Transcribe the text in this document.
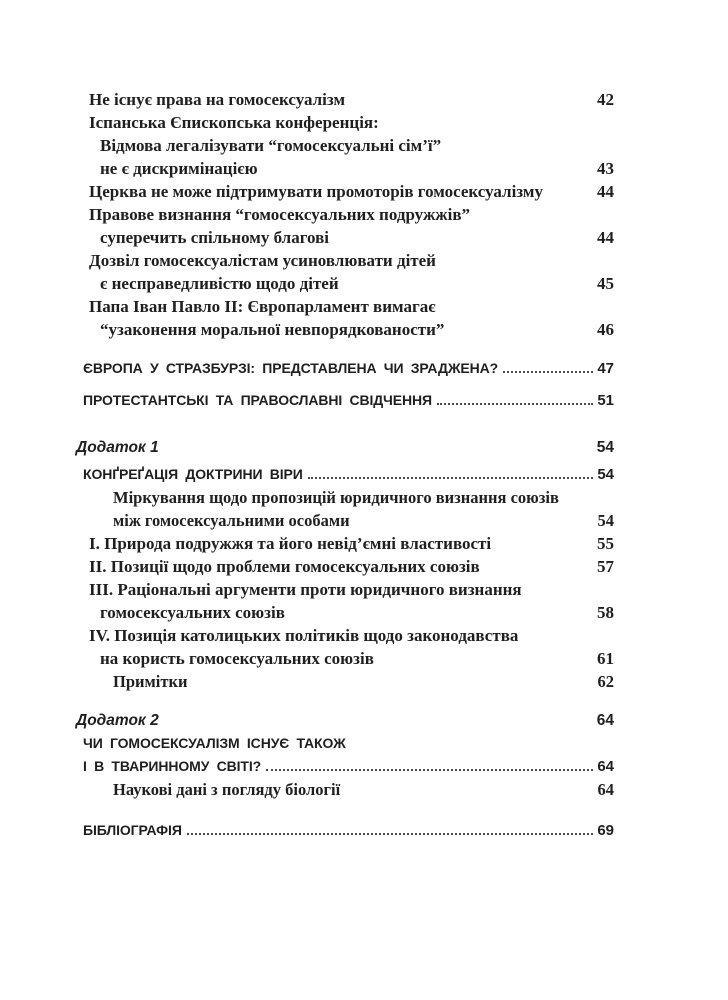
Не існує права на гомосексуалізм	42
Іспанська Єпископська конференція:
Відмова легалізувати “гомосексуальні сім’ї”
не є дискримінацією	43
Церква не може підтримувати промоторів гомосексуалізму	44
Правове визнання “гомосексуальних подружжів”
суперечить спільному благові	44
Дозвіл гомосексуалістам усиновлювати дітей
є несправедливістю щодо дітей	45
Папа Іван Павло II: Європарламент вимагає
“узаконення моральної невпорядкованости”	46
ЄВРОПА У СТРАЗБУРЗІ: ПРЕДСТАВЛЕНА ЧИ ЗРАДЖЕНА?	47
ПРОТЕСТАНТСЬКІ ТА ПРАВОСЛАВНІ СВІДЧЕННЯ	51
Додаток 1	54
КОНҐРЕҐАЦІЯ ДОКТРИНИ ВІРИ	54
Міркування щодо пропозицій юридичного визнання союзів
між гомосексуальними особами	54
I. Природа подружжя та його невід’ємні властивості	55
II. Позиції щодо проблеми гомосексуальних союзів	57
III. Раціональні аргументи проти юридичного визнання
гомосексуальних союзів	58
IV. Позиція католицьких політиків щодо законодавства
на користь гомосексуальних союзів	61
Примітки	62
Додаток 2	64
ЧИ ГОМОСЕКСУАЛІЗМ ІСНУЄ ТАКОЖ
І В ТВАРИННОМУ СВІТІ?	64
Наукові дані з погляду біології	64
БІБЛІОГРАФІЯ	69
